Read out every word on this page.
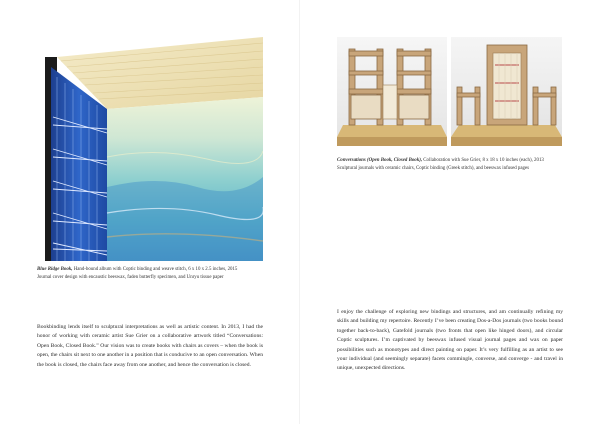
Blue Ridge Book, Hand-bound album with Coptic binding and weave stitch, 6 x 10 x 2.5 inches, 2015
Journal cover design with encaustic beeswax, faden butterfly specimen, and Unryu tissue paper

Bookbinding lends itself to sculptural interpretations as well as artistic content. In 2013, I had the honor of working with ceramic artist Sue Grier on a collaborative artwork titled “Conversations: Open Book, Closed Book.” Our vision was to create books with chairs as covers – when the book is open, the chairs sit next to one another in a position that is conducive to an open conversation. When the book is closed, the chairs face away from one another, and hence the conversation is closed.

Conversations (Open Book, Closed Book), Collaboration with Sue Grier, 8 x 18 x 10 inches (each), 2013
Sculptural journals with ceramic chairs, Coptic binding (Greek stitch), and beeswax infused pages

I enjoy the challenge of exploring new bindings and structures, and am continually refining my skills and building my repertoire. Recently I’ve been creating Dos-a-Dos journals (two books bound together back-to-back), Gatefold journals (two fronts that open like hinged doors), and circular Coptic sculptures. I’m captivated by beeswax infused visual journal pages and wax on paper possibilities such as monotypes and direct painting on paper. It’s very fulfilling as an artist to see your individual (and seemingly separate) facets commingle, converse, and converge - and travel in unique, unexpected directions.
